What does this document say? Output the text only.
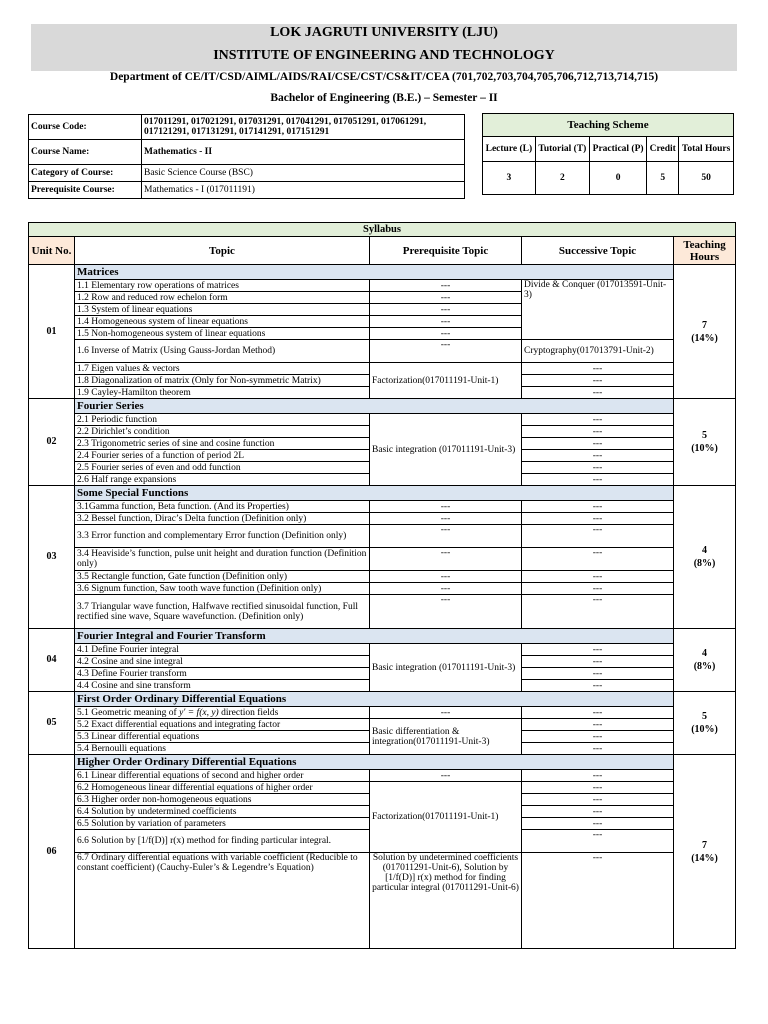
LOK JAGRUTI UNIVERSITY (LJU)
INSTITUTE OF ENGINEERING AND TECHNOLOGY
Department of CE/IT/CSD/AIML/AIDS/RAI/CSE/CST/CS&IT/CEA (701,702,703,704,705,706,712,713,714,715)
Bachelor of Engineering (B.E.) – Semester – II
Course Code:	017011291, 017021291, 017031291, 017041291, 017051291, 017061291, 017121291, 017131291, 017141291, 017151291
Course Name:	Mathematics - II
Category of Course:	Basic Science Course (BSC)
Prerequisite Course:	Mathematics - I (017011191)
Teaching Scheme				
Lecture (L)	Tutorial (T)	Practical (P)	Credit	Total Hours
3	2	0	5	50
Syllabus				
Unit No.	Topic	Prerequisite Topic	Successive Topic	Teaching Hours
01	Matrices			7
(14%)
	1.1 Elementary row operations of matrices	---	Divide & Conquer (017013591-Unit-3)	
	1.2 Row and reduced row echelon form	---		
	1.3 System of linear equations	---		
	1.4 Homogeneous system of linear equations	---		
	1.5 Non-homogeneous system of linear equations	---		
	1.6 Inverse of Matrix (Using Gauss-Jordan Method)	---	Cryptography(017013791-Unit-2)	
	1.7 Eigen values & vectors	Factorization(017011191-Unit-1)	---	
	1.8 Diagonalization of matrix (Only for Non-symmetric Matrix)		---	
	1.9 Cayley-Hamilton theorem		---	
02	Fourier Series			5
(10%)
	2.1 Periodic function	Basic integration (017011191-Unit-3)	---	
	2.2 Dirichlet’s condition		---	
	2.3 Trigonometric series of sine and cosine function		---	
	2.4 Fourier series of a function of period 2L		---	
	2.5 Fourier series of even and odd function		---	
	2.6 Half range expansions		---	
03	Some Special Functions			4
(8%)
	3.1Gamma function, Beta function. (And its Properties)	---	---	
	3.2 Bessel function, Dirac’s Delta function (Definition only)	---	---	
	3.3 Error function and complementary Error function (Definition only)	---	---	
	3.4 Heaviside’s function, pulse unit height and duration function (Definition only)	---	---	
	3.5 Rectangle function, Gate function (Definition only)	---	---	
	3.6 Signum function, Saw tooth wave function (Definition only)	---	---	
	3.7 Triangular wave function, Halfwave rectified sinusoidal function, Full rectified sine wave, Square wavefunction. (Definition only)	---	---	
04	Fourier Integral and Fourier Transform			4
(8%)
	4.1 Define Fourier integral	Basic integration (017011191-Unit-3)	---	
	4.2 Cosine and sine integral		---	
	4.3 Define Fourier transform		---	
	4.4 Cosine and sine transform		---	
05	First Order Ordinary Differential Equations			5
(10%)
	5.1 Geometric meaning of y′ = f(x, y) direction fields	---	---	
	5.2 Exact differential equations and integrating factor	Basic differentiation & integration(017011191-Unit-3)	---	
	5.3 Linear differential equations		---	
	5.4 Bernoulli equations		---	
06	Higher Order Ordinary Differential Equations			7
(14%)
	6.1 Linear differential equations of second and higher order	---	---	
	6.2 Homogeneous linear differential equations of higher order	Factorization(017011191-Unit-1)	---	
	6.3 Higher order non-homogeneous equations		---	
	6.4 Solution by undetermined coefficients		---	
	6.5 Solution by variation of parameters		---	
	6.6 Solution by [1/f(D)] r(x) method for finding particular integral.		---	
	6.7 Ordinary differential equations with variable coefficient (Reducible to constant coefficient) (Cauchy-Euler’s & Legendre’s Equation)	Solution by undetermined coefficients (017011291-Unit-6), Solution by [1/f(D)] r(x) method for finding particular integral (017011291-Unit-6)	---	
